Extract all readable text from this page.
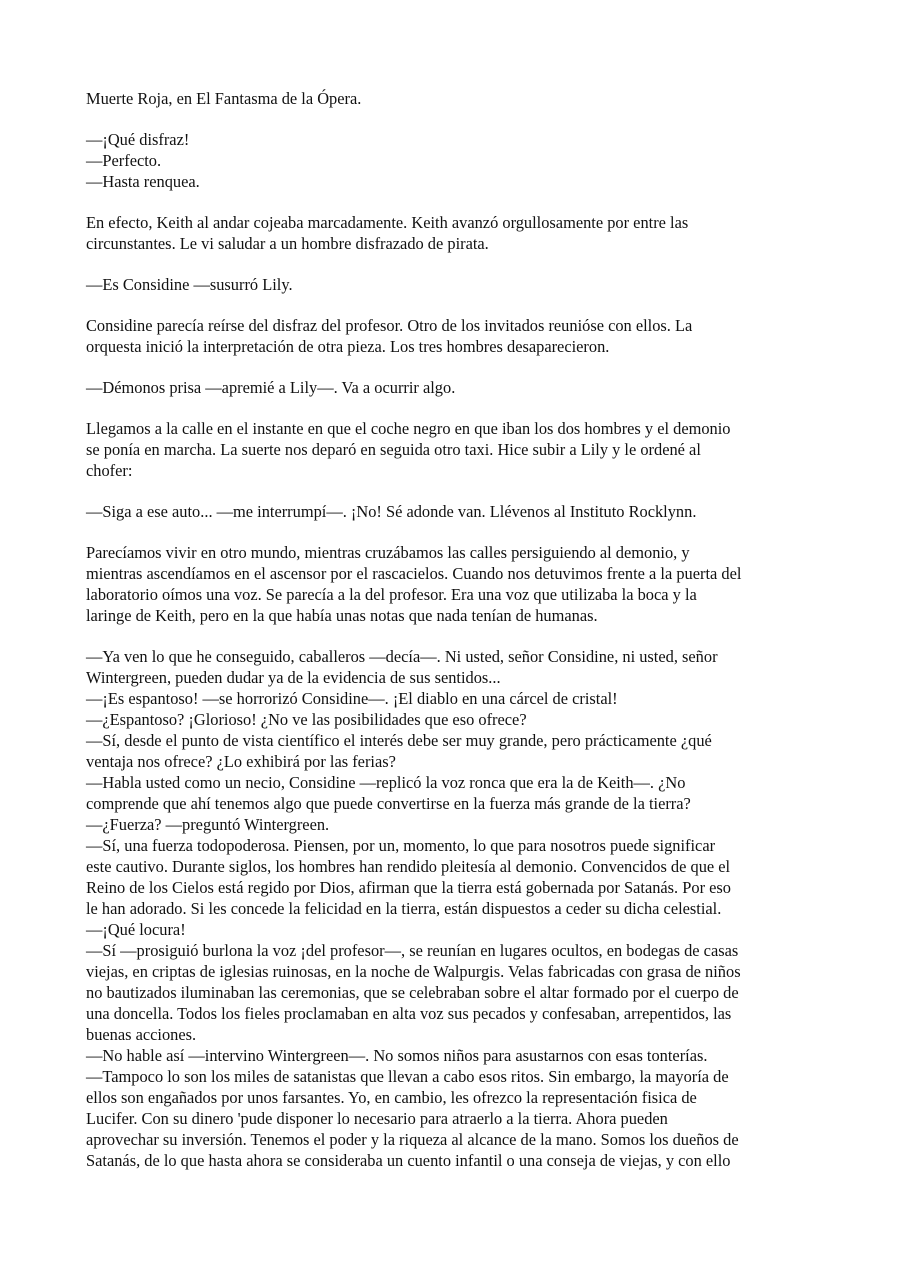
Muerte Roja, en El Fantasma de la Ópera.
—¡Qué disfraz!
—Perfecto.
—Hasta renquea.
En efecto, Keith al andar cojeaba marcadamente. Keith avanzó orgullosamente por entre las
circunstantes. Le vi saludar a un hombre disfrazado de pirata.
—Es Considine —susurró Lily.
Considine parecía reírse del disfraz del profesor. Otro de los invitados reunióse con ellos. La
orquesta inició la interpretación de otra pieza. Los tres hombres desaparecieron.
—Démonos prisa —apremié a Lily—. Va a ocurrir algo.
Llegamos a la calle en el instante en que el coche negro en que iban los dos hombres y el demonio
se ponía en marcha. La suerte nos deparó en seguida otro taxi. Hice subir a Lily y le ordené al
chofer:
—Siga a ese auto... —me interrumpí—. ¡No! Sé adonde van. Llévenos al Instituto Rocklynn.
Parecíamos vivir en otro mundo, mientras cruzábamos las calles persiguiendo al demonio, y
mientras ascendíamos en el ascensor por el rascacielos. Cuando nos detuvimos frente a la puerta del
laboratorio oímos una voz. Se parecía a la del profesor. Era una voz que utilizaba la boca y la
laringe de Keith, pero en la que había unas notas que nada tenían de humanas.
—Ya ven lo que he conseguido, caballeros —decía—. Ni usted, señor Considine, ni usted, señor
Wintergreen, pueden dudar ya de la evidencia de sus sentidos...
—¡Es espantoso! —se horrorizó Considine—. ¡El diablo en una cárcel de cristal!
—¿Espantoso? ¡Glorioso! ¿No ve las posibilidades que eso ofrece?
—Sí, desde el punto de vista científico el interés debe ser muy grande, pero prácticamente ¿qué
ventaja nos ofrece? ¿Lo exhibirá por las ferias?
—Habla usted como un necio, Considine —replicó la voz ronca que era la de Keith—. ¿No
comprende que ahí tenemos algo que puede convertirse en la fuerza más grande de la tierra?
—¿Fuerza? —preguntó Wintergreen.
—Sí, una fuerza todopoderosa. Piensen, por un, momento, lo que para nosotros puede significar
este cautivo. Durante siglos, los hombres han rendido pleitesía al demonio. Convencidos de que el
Reino de los Cielos está regido por Dios, afirman que la tierra está gobernada por Satanás. Por eso
le han adorado. Si les concede la felicidad en la tierra, están dispuestos a ceder su dicha celestial.
—¡Qué locura!
—Sí —prosiguió burlona la voz ¡del profesor—, se reunían en lugares ocultos, en bodegas de casas
viejas, en criptas de iglesias ruinosas, en la noche de Walpurgis. Velas fabricadas con grasa de niños
no bautizados iluminaban las ceremonias, que se celebraban sobre el altar formado por el cuerpo de
una doncella. Todos los fieles proclamaban en alta voz sus pecados y confesaban, arrepentidos, las
buenas acciones.
—No hable así —intervino Wintergreen—. No somos niños para asustarnos con esas tonterías.
—Tampoco lo son los miles de satanistas que llevan a cabo esos ritos. Sin embargo, la mayoría de
ellos son engañados por unos farsantes. Yo, en cambio, les ofrezco la representación fisica de
Lucifer. Con su dinero 'pude disponer lo necesario para atraerlo a la tierra. Ahora pueden
aprovechar su inversión. Tenemos el poder y la riqueza al alcance de la mano. Somos los dueños de
Satanás, de lo que hasta ahora se consideraba un cuento infantil o una conseja de viejas, y con ello
